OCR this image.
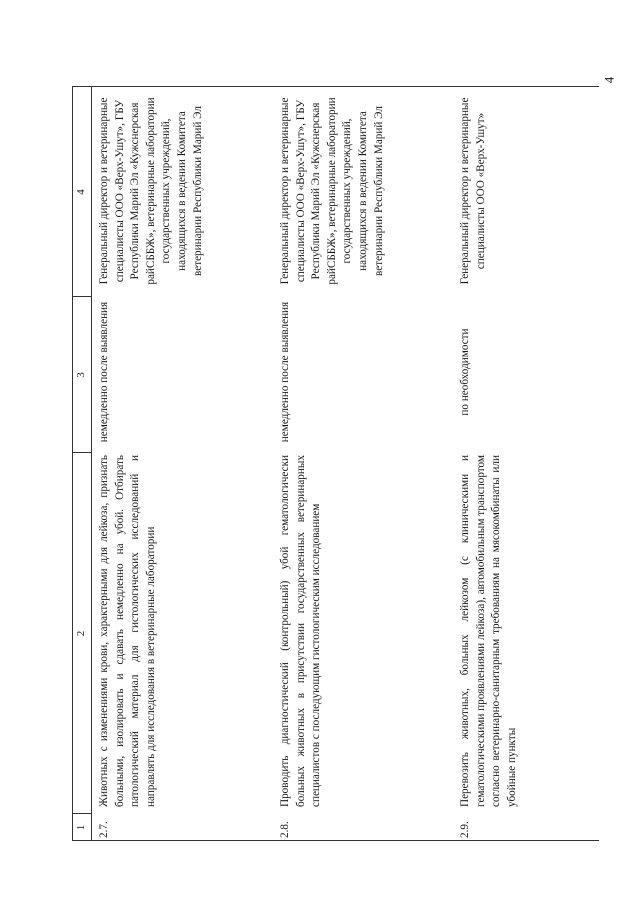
4
1
2
3
4
2.7.
Животных с изменениями крови, характерными для лейкоза, признать больными, изолировать и сдавать немедленно на убой. Отбирать патологический материал для гистологических исследований и направлять для исследования в ветеринарные лаборатории
немедленно после выявления
Генеральный директор и ветеринарные специалисты ООО «Верх-Ушут», ГБУ Республики Марий Эл «Кужснерская райСББЖ», ветеринарные лаборатории государственных учреждений, находящихся в ведении Комитета ветеринарии Республики Марий Эл
2.8.
Проводить диагностический (контрольный) убой гематологически больных животных в присутствии государственных ветеринарных специалистов с последующим гистологическим исследованием
немедленно после выявления
Генеральный директор и ветеринарные специалисты ООО «Верх-Ушут», ГБУ Республики Марий Эл «Кужснерская райСББЖ», ветеринарные лаборатории государственных учреждений, находящихся в ведении Комитета ветеринарии Республики Марий Эл
2.9.
Перевозить животных, больных лейкозом (с клиническими и гематологическими проявлениями лейкоза), автомобильным транспортом согласно ветеринарно-санитарным требованиям на мясокомбинаты или убойные пункты
по необходимости
Генеральный директор и ветеринарные специалисты ООО «Верх-Ушут»
